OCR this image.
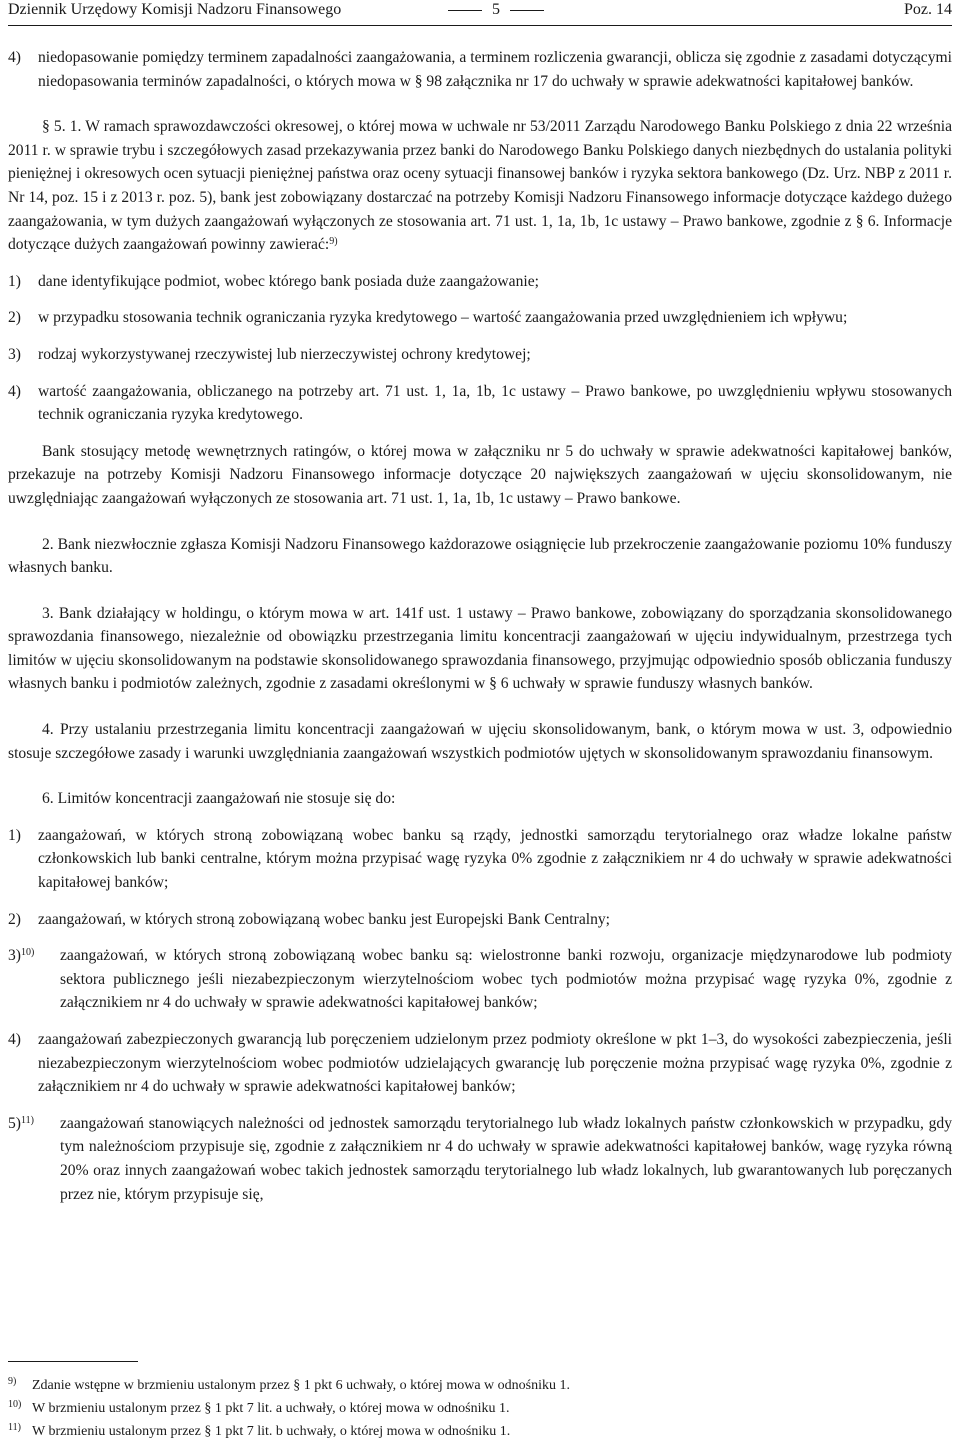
Dziennik Urzędowy Komisji Nadzoru Finansowego	5	Poz. 14
4)	niedopasowanie pomiędzy terminem zapadalności zaangażowania, a terminem rozliczenia gwarancji, oblicza się zgodnie z zasadami dotyczącymi niedopasowania terminów zapadalności, o których mowa w § 98 załącznika nr 17 do uchwały w sprawie adekwatności kapitałowej banków.

§ 5. 1. W ramach sprawozdawczości okresowej, o której mowa w uchwale nr 53/2011 Zarządu Narodowego Banku Polskiego z dnia 22 września 2011 r. w sprawie trybu i szczegółowych zasad przekazywania przez banki do Narodowego Banku Polskiego danych niezbędnych do ustalania polityki pieniężnej i okresowych ocen sytuacji pieniężnej państwa oraz oceny sytuacji finansowej banków i ryzyka sektora bankowego (Dz. Urz. NBP z 2011 r. Nr 14, poz. 15 i z 2013 r. poz. 5), bank jest zobowiązany dostarczać na potrzeby Komisji Nadzoru Finansowego informacje dotyczące każdego dużego zaangażowania, w tym dużych zaangażowań wyłączonych ze stosowania art. 71 ust. 1, 1a, 1b, 1c ustawy – Prawo bankowe, zgodnie z § 6. Informacje dotyczące dużych zaangażowań powinny zawierać:$^{9)}$

1)	dane identyfikujące podmiot, wobec którego bank posiada duże zaangażowanie;
2)	w przypadku stosowania technik ograniczania ryzyka kredytowego – wartość zaangażowania przed uwzględnieniem ich wpływu;
3)	rodzaj wykorzystywanej rzeczywistej lub nierzeczywistej ochrony kredytowej;
4)	wartość zaangażowania, obliczanego na potrzeby art. 71 ust. 1, 1a, 1b, 1c ustawy – Prawo bankowe, po uwzględnieniu wpływu stosowanych technik ograniczania ryzyka kredytowego.

Bank stosujący metodę wewnętrznych ratingów, o której mowa w załączniku nr 5 do uchwały w sprawie adekwatności kapitałowej banków, przekazuje na potrzeby Komisji Nadzoru Finansowego informacje dotyczące 20 największych zaangażowań w ujęciu skonsolidowanym, nie uwzględniając zaangażowań wyłączonych ze stosowania art. 71 ust. 1, 1a, 1b, 1c ustawy – Prawo bankowe.

2. Bank niezwłocznie zgłasza Komisji Nadzoru Finansowego każdorazowe osiągnięcie lub przekroczenie zaangażowanie poziomu 10% funduszy własnych banku.

3. Bank działający w holdingu, o którym mowa w art. 141f ust. 1 ustawy – Prawo bankowe, zobowiązany do sporządzania skonsolidowanego sprawozdania finansowego, niezależnie od obowiązku przestrzegania limitu koncentracji zaangażowań w ujęciu indywidualnym, przestrzega tych limitów w ujęciu skonsolidowanym na podstawie skonsolidowanego sprawozdania finansowego, przyjmując odpowiednio sposób obliczania funduszy własnych banku i podmiotów zależnych, zgodnie z zasadami określonymi w § 6 uchwały w sprawie funduszy własnych banków.

4. Przy ustalaniu przestrzegania limitu koncentracji zaangażowań w ujęciu skonsolidowanym, bank, o którym mowa w ust. 3, odpowiednio stosuje szczegółowe zasady i warunki uwzględniania zaangażowań wszystkich podmiotów ujętych w skonsolidowanym sprawozdaniu finansowym.

6. Limitów koncentracji zaangażowań nie stosuje się do:

1)	zaangażowań, w których stroną zobowiązaną wobec banku są rządy, jednostki samorządu terytorialnego oraz władze lokalne państw członkowskich lub banki centralne, którym można przypisać wagę ryzyka 0% zgodnie z załącznikiem nr 4 do uchwały w sprawie adekwatności kapitałowej banków;
2)	zaangażowań, w których stroną zobowiązaną wobec banku jest Europejski Bank Centralny;
3)$^{10)}$	zaangażowań, w których stroną zobowiązaną wobec banku są: wielostronne banki rozwoju, organizacje międzynarodowe lub podmioty sektora publicznego jeśli niezabezpieczonym wierzytelnościom wobec tych podmiotów można przypisać wagę ryzyka 0%, zgodnie z załącznikiem nr 4 do uchwały w sprawie adekwatności kapitałowej banków;
4)	zaangażowań zabezpieczonych gwarancją lub poręczeniem udzielonym przez podmioty określone w pkt 1–3, do wysokości zabezpieczenia, jeśli niezabezpieczonym wierzytelnościom wobec podmiotów udzielających gwarancję lub poręczenie można przypisać wagę ryzyka 0%, zgodnie z załącznikiem nr 4 do uchwały w sprawie adekwatności kapitałowej banków;
5)$^{11)}$	zaangażowań stanowiących należności od jednostek samorządu terytorialnego lub władz lokalnych państw członkowskich w przypadku, gdy tym należnościom przypisuje się, zgodnie z załącznikiem nr 4 do uchwały w sprawie adekwatności kapitałowej banków, wagę ryzyka równą 20% oraz innych zaangażowań wobec takich jednostek samorządu terytorialnego lub władz lokalnych, lub gwarantowanych lub poręczanych przez nie, którym przypisuje się,
9)	Zdanie wstępne w brzmieniu ustalonym przez § 1 pkt 6 uchwały, o której mowa w odnośniku 1.
10) W brzmieniu ustalonym przez § 1 pkt 7 lit. a uchwały, o której mowa w odnośniku 1.
11) W brzmieniu ustalonym przez § 1 pkt 7 lit. b uchwały, o której mowa w odnośniku 1.
